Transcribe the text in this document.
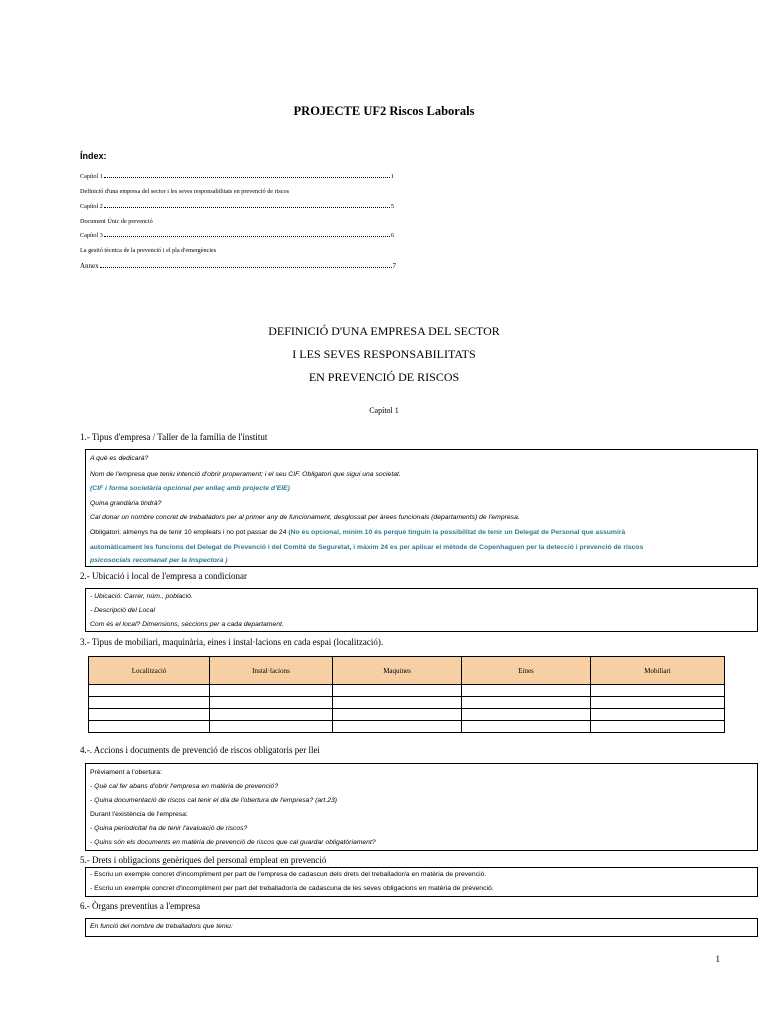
PROJECTE UF2 Riscos Laborals
Índex:
Capítol 1	1
Definició d'una empresa del sector i les seves responsabilitats en prevenció de riscos
Capítol 2	5
Document Únic de prevenció
Capítol 3	6
La gestió tècnica de la prevenció i el pla d'emergències
Annex	7
DEFINICIÓ D'UNA EMPRESA DEL SECTOR
I LES SEVES RESPONSABILITATS
EN PREVENCIÓ DE RISCOS
Capítol 1
1.- Tipus d'empresa / Taller de la família de l'institut
A què es dedicarà?
Nom de l'empresa que teniu intenció d'obrir properament; i el seu CIF. Obligatori que sigui una societat.
(CIF i forma societària opcional per enllaç amb projecte d'EIE)
Quina grandària tindrà?
Cal donar un nombre concret de treballadors per al primer any de funcionament, desglossat per àrees funcionals (departaments) de l'empresa.
Obligatori: almenys ha de tenir 10 empleats i no pot passar de 24 (No és opcional, mínim 10 és perquè tinguin la possibilitat de tenir un Delegat de Personal que assumirà
automàticament les funcions del Delegat de Prevenció i del Comitè de Seguretat, i màxim 24 es per aplicar el mètode de Copenhaguen per la detecció i prevenció de riscos
psicosocials recomanat per la Inspectora )
2.- Ubicació i local de l'empresa a condicionar
- Ubicació: Carrer, núm., població.
- Descripció del Local
Com és el local? Dimensions, seccions per a cada departament.
3.- Tipus de mobiliari, maquinària, eines i instal·lacions en cada espai (localització).
Localització	Instal·lacions	Maquines	Eines	Mobiliari

4.-. Accions i documents de prevenció de riscos obligatoris per llei
Prèviament a l'obertura:
- Què cal fer abans d'obrir l'empresa en matèria de prevenció?
- Quina documentació de riscos cal tenir el dia de l'obertura de l'empresa? (art.23)
Durant l'existència de l'empresa:
- Quina periodicitat ha de tenir l'avaluació de riscos?
- Quins són els documents en matèria de prevenció de riscos que cal guardar obligatòriament?
5.- Drets i obligacions genèriques del personal empleat en prevenció
- Escriu un exemple concret d'incompliment per part de l'empresa de cadascun dels drets del treballador/a en matèria de prevenció.
- Escriu un exemple concret d'incompliment per part del treballador/a de cadascuna de les seves obligacions en matèria de prevenció.
6.- Òrgans preventius a l'empresa
En funció del nombre de treballadors que teniu:
1
